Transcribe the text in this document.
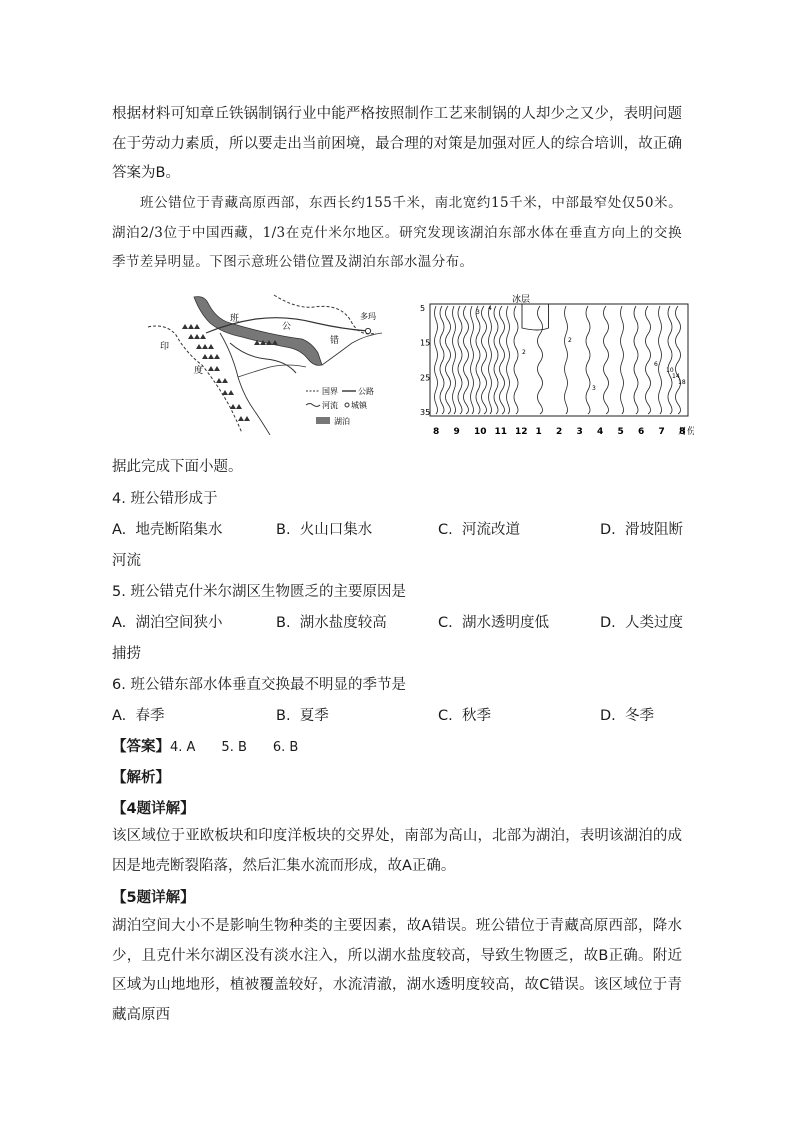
根据材料可知章丘铁锅制锅行业中能严格按照制作工艺来制锅的人却少之又少，表明问题在于劳动力素质，所以要走出当前困境，最合理的对策是加强对匠人的综合培训，故正确答案为B。

班公错位于青藏高原西部，东西长约155千米，南北宽约15千米，中部最窄处仅50米。湖泊2/3位于中国西藏，1/3在克什米尔地区。研究发现该湖泊东部水体在垂直方向上的交换季节差异明显。下图示意班公错位置及湖泊东部水温分布。

班
公
错
多玛
印
度
国界	公路
河流 城镇
湖泊
冰层
5
15
25
35
8 9 10 11 12 1 2 3 4 5 6 7 8
4
3
2
2
3
6
10
14
18
月份
据此完成下面小题。
4. 班公错形成于
A. 地壳断陷集水	B. 火山口集水	C. 河流改道	D. 滑坡阻断
河流
5. 班公错克什米尔湖区生物匮乏的主要原因是
A. 湖泊空间狭小	B. 湖水盐度较高	C. 湖水透明度低	D. 人类过度
捕捞
6. 班公错东部水体垂直交换最不明显的季节是
A. 春季	B. 夏季	C. 秋季	D. 冬季
【答案】4. A　　5. B　　6. B
【解析】
【4题详解】

该区域位于亚欧板块和印度洋板块的交界处，南部为高山，北部为湖泊，表明该湖泊的成因是地壳断裂陷落，然后汇集水流而形成，故A正确。

【5题详解】

湖泊空间大小不是影响生物种类的主要因素，故A错误。班公错位于青藏高原西部，降水少，且克什米尔湖区没有淡水注入，所以湖水盐度较高，导致生物匮乏，故B正确。附近区域为山地地形，植被覆盖较好，水流清澈，湖水透明度较高，故C错误。该区域位于青藏高原西
